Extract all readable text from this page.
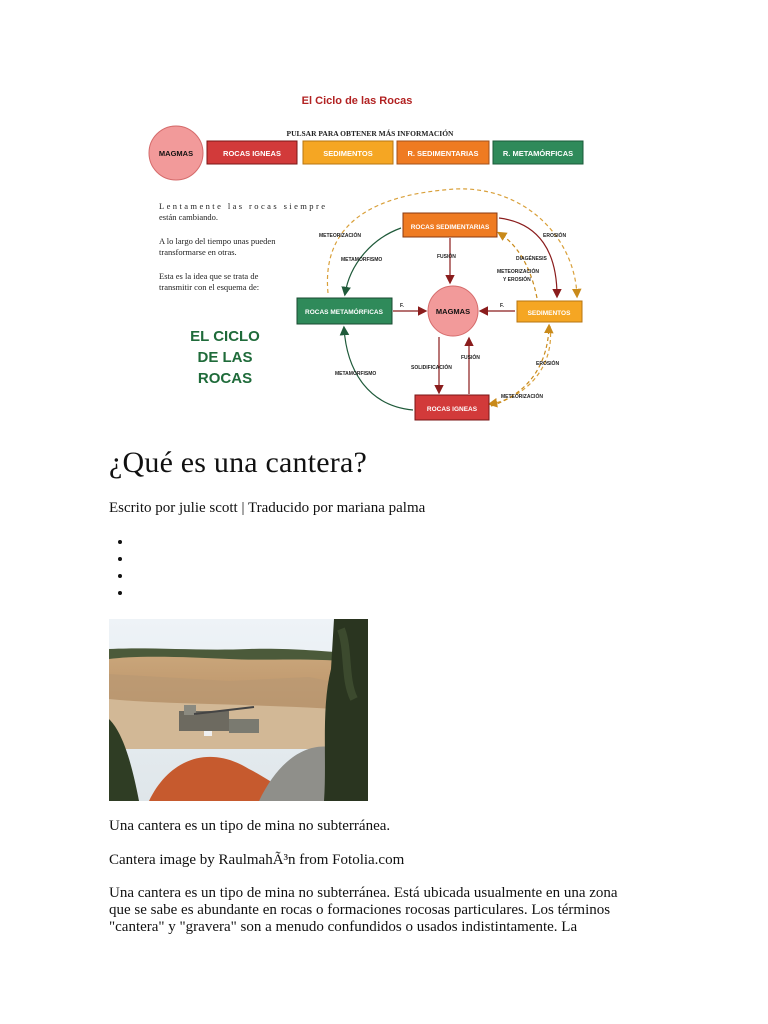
El Ciclo de las Rocas
PULSAR PARA OBTENER MÁS INFORMACIÓN
MAGMAS	ROCAS IGNEAS	SEDIMENTOS	R. SEDIMENTARIAS	R. METAMÓRFICAS
Lentamente las rocas siempre
están cambiando.
A lo largo del tiempo unas pueden
transformarse en otras.
Esta es la idea que se trata de
transmitir con el esquema de:
EL CICLO
DE LAS
ROCAS
ROCAS SEDIMENTARIAS
ROCAS METAMÓRFICAS	MAGMAS	SEDIMENTOS
ROCAS IGNEAS
METEORIZACIÓN	EROSIÓN
METAMORFISMO	FUSIÓN	DIAGÉNESIS
METEORIZACIÓN
Y EROSIÓN
F.	F.
FUSIÓN
SOLIDIFICACIÓN
METAMORFISMO
EROSIÓN
METEORIZACIÓN
¿Qué es una cantera?

Escrito por julie scott | Traducido por mariana palma

Una cantera es un tipo de mina no subterránea.

Cantera image by RaulmahÃ³n from Fotolia.com

Una cantera es un tipo de mina no subterránea. Está ubicada usualmente en una zona
que se sabe es abundante en rocas o formaciones rocosas particulares. Los términos
"cantera" y "gravera" son a menudo confundidos o usados indistintamente. La
